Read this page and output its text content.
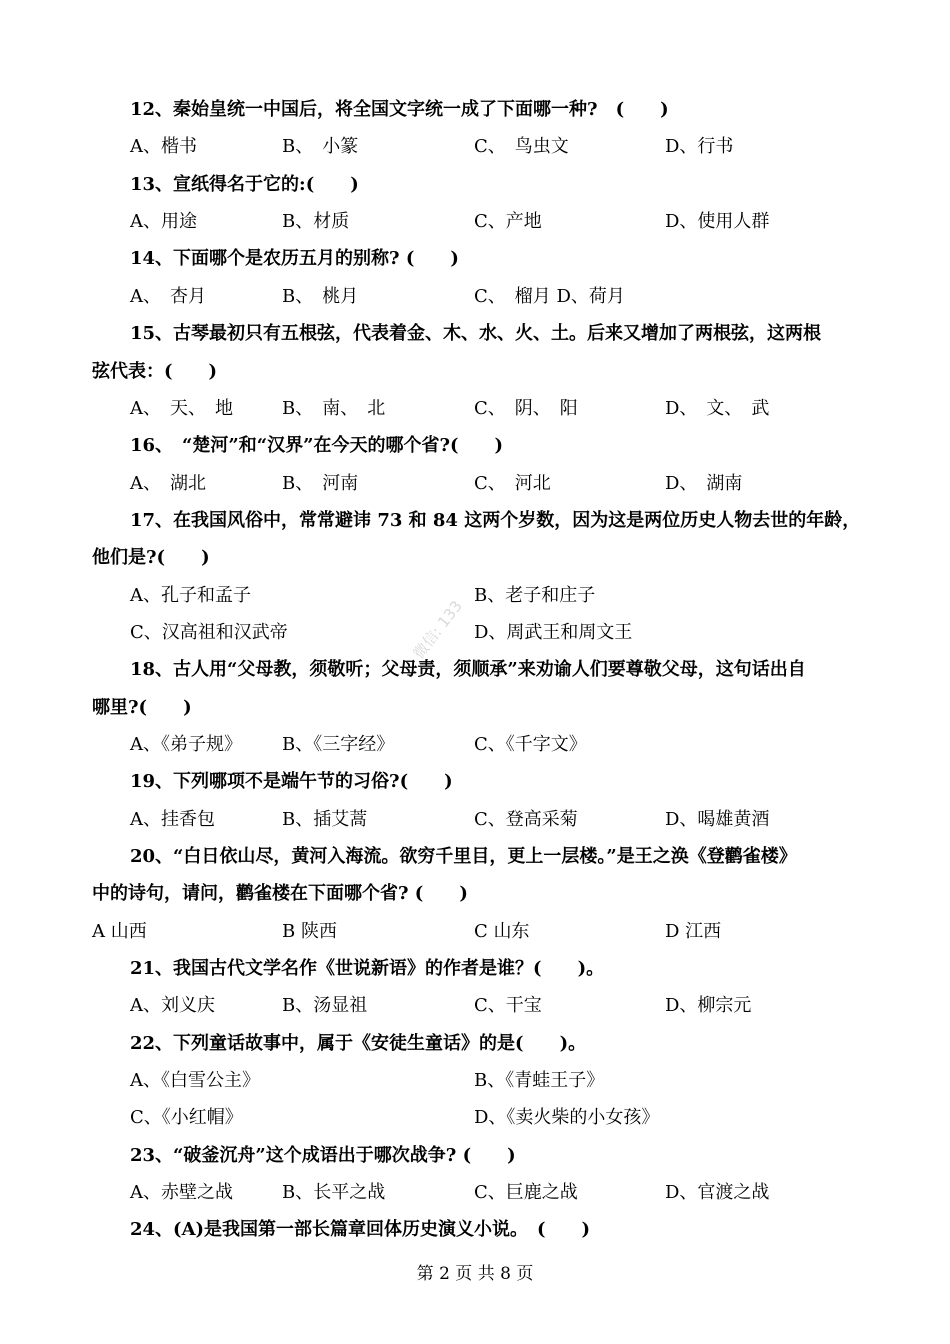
12、秦始皇统一中国后，将全国文字统一成了下面哪一种?　(　　)
A、楷书	B、　小篆	C、　鸟虫文	D、行书
13、宣纸得名于它的:(　　)
A、用途	B、材质	C、产地	D、使用人群
14、下面哪个是农历五月的别称? (　　)
A、　杏月	B、　桃月	C、　榴月 D、荷月
15、古琴最初只有五根弦，代表着金、木、水、火、土。后来又增加了两根弦，这两根
弦代表：(　　)
A、　天、　地	B、　南、　北	C、　阴、　阳	D、　文、　武
16、　“楚河”和“汉界”在今天的哪个省?(　　)
A、　湖北	B、　河南	C、　河北	D、　湖南
17、在我国风俗中，常常避讳 73 和 84 这两个岁数，因为这是两位历史人物去世的年龄，
他们是?(　　)
A、孔子和孟子	B、老子和庄子
C、汉高祖和汉武帝	D、周武王和周文王
18、古人用“父母教，须敬听；父母责，须顺承”来劝谕人们要尊敬父母，这句话出自
哪里?(　　)
A、《弟子规》 B、《三字经》	C、《千字文》
19、下列哪项不是端午节的习俗?(　　)
A、挂香包	B、插艾蒿	C、登高采菊	D、喝雄黄酒
20、“白日依山尽，黄河入海流。欲穷千里目，更上一层楼。”是王之涣《登鹳雀楼》
中的诗句，请问，鹳雀楼在下面哪个省? (　　)
A 山西	B 陕西	C 山东	D 江西
21、我国古代文学名作《世说新语》的作者是谁？(　　)。
A、刘义庆	B、汤显祖	C、干宝	D、柳宗元
22、下列童话故事中，属于《安徒生童话》的是(　　)。
A、《白雪公主》	B、《青蛙王子》
C、《小红帽》	D、《卖火柴的小女孩》
23、“破釜沉舟”这个成语出于哪次战争? (　　)
A、赤壁之战	B、长平之战	C、巨鹿之战	D、官渡之战
24、(A)是我国第一部长篇章回体历史演义小说。　(　　)
微信: 133
第 2 页 共 8 页
